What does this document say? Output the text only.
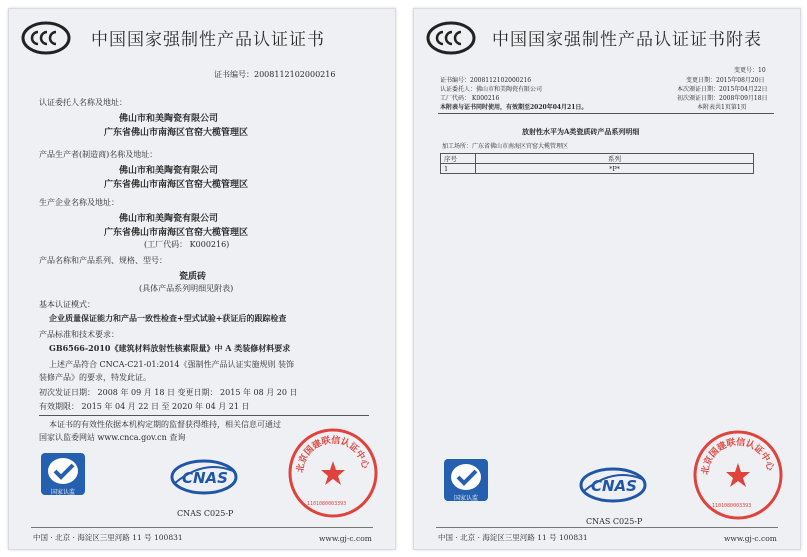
中国国家强制性产品认证证书
证书编号：2008112102000216
认证委托人名称及地址：
佛山市和美陶瓷有限公司
广东省佛山市南海区官窑大榄管理区
产品生产者(制造商)名称及地址：
佛山市和美陶瓷有限公司
广东省佛山市南海区官窑大榄管理区
生产企业名称及地址：
佛山市和美陶瓷有限公司
广东省佛山市南海区官窑大榄管理区
(工厂代码： K000216)
产品名称和产品系列、规格、型号：
瓷质砖
(具体产品系列明细见附表)
基本认证模式：
企业质量保证能力和产品一致性检查+型式试验+获证后的跟踪检查
产品标准和技术要求：
GB6566-2010《建筑材料放射性核素限量》中 A 类装修材料要求
上述产品符合 CNCA-C21-01:2014《强制性产品认证实施规则 装饰
装修产品》的要求，特发此证。
初次发证日期： 2008 年 09 月 18 日 变更日期： 2015 年 08 月 20 日
有效期限： 2015 年 04 月 22 日 至 2020 年 04 月 21 日
本证书的有效性依据本机构定期的监督获得维持，相关信息可通过
国家认监委网站 www.cnca.gov.cn 查询
国家认监
CNAS
CNAS C025-P
北京国建联信认证中心
1101080003393
中国 · 北京 · 海淀区三里河路 11 号 100831	www.gj-c.com
中国国家强制性产品认证证书附表
变更号：10
证书编号：2008112102000216	变更日期：2015年08月20日
认证委托人：佛山市和美陶瓷有限公司	本次颁证日期：2015年04月22日
工厂代码： K000216	初次颁证日期：2008年09月18日
本附表与证书同时使用，有效期至2020年04月21日。	本附表共1页第1页
放射性水平为A类瓷质砖产品系列明细
加工场所：广东省佛山市南海区官窑大榄管理区
序号	系列
1	*P*
国家认监
CNAS
CNAS C025-P
北京国建联信认证中心
1101080003393
中国 · 北京 · 海淀区三里河路 11 号 100831	www.gj-c.com
